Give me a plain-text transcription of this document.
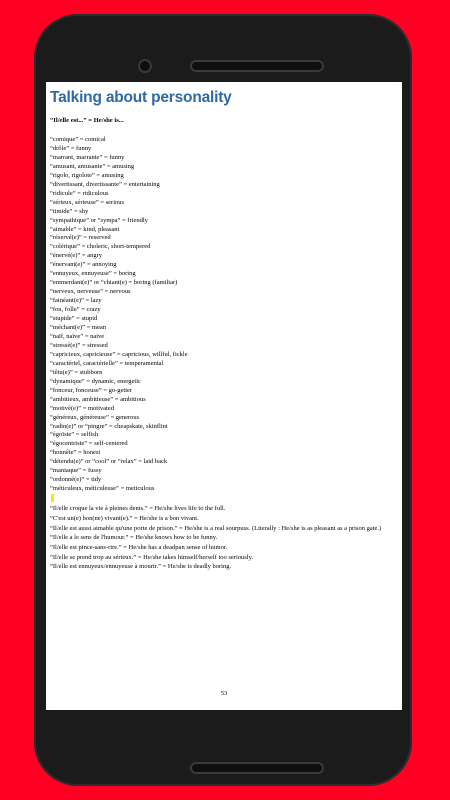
Talking about personality

“Il/elle est...” = He/she is...

“comique” = comical
“drôle” = funny
“marrant, marrante” = funny
“amusant, amusante” = amusing
“rigolo, rigolote” = amusing
“divertissant, divertissante” = entertaining
“ridicule” = ridiculous
“sérieux, sérieuse” = serious
“timide” = shy
“sympathique” or “sympa” = friendly
“aimable” = kind, pleasant
“réservé(e)” = reserved
“colérique” = choleric, short-tempered
“énervé(e)” = angry
“énervant(e)” = annoying
“ennuyeux, ennuyeuse” = boring
“emmerdant(e)” or “chiant(e) = boring (familiar)
“nerveux, nerveuse” = nervous
“fainéant(e)” = lazy
“fou, folle” = crazy
“stupide” = stupid
“méchant(e)” = mean
“naïf, naïve” = naive
“stressé(e)” = stressed
“capricieux, capricieuse” = capricious, willful, fickle
“caractériel, caractérielle” = temperamental
“têtu(e)” = stubborn
“dynamique” = dynamic, energetic
“fonceur, fonceuse” = go-getter
“ambitieux, ambitieuse” = ambitious
“motivé(e)” = motivated
“généreux, généreuse” = generous
“radin(e)” or “pingre” = cheapskate, skinflint
“égoïste” = selfish
“égocentriste” = self-centered
“honnête” = honest
“détendu(e)” or “cool” or “relax” = laid back
“maniaque” = fussy
“ordonné(e)” = tidy
“méticuleux, méticuleuse” = meticulous
“Il/elle croque la vie à pleines dents.” = He/she lives life to the full.
“C'est un(e) bon(ne) vivant(e).” = He/she is a bon vivant.
“Il/elle est aussi aimable qu'une porte de prison.” = He/she is a real sourpuss. (Literally : He/she is as pleasant as a prison gate.)
“Il/elle a le sens de l'humour.” = He/she knows how to be funny.
“Il/elle est pince-sans-rire.” = He/she has a deadpan sense of humor.
“Il/elle se prend trop au sérieux.” = He/she takes himself/herself too seriously.
“Il/elle est ennuyeux/ennuyeuse à mourir.” = He/she is deadly boring.
53
